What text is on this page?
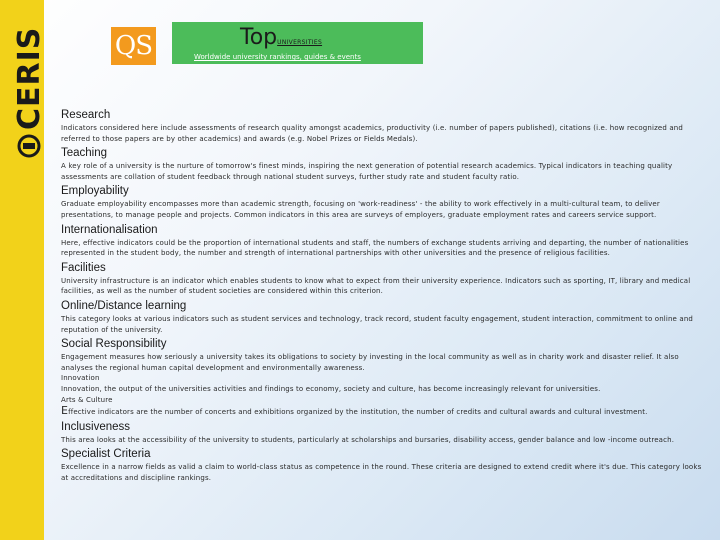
CERIS	QS	TopUNIVERSITIES
Worldwide university rankings, guides & events
Research
Indicators considered here include assessments of research quality amongst academics, productivity (i.e. number of papers published), citations (i.e. how recognized and referred to those papers are by other academics) and awards (e.g. Nobel Prizes or Fields Medals).
Teaching
A key role of a university is the nurture of tomorrow's finest minds, inspiring the next generation of potential research academics. Typical indicators in teaching quality assessments are collation of student feedback through national student surveys, further study rate and student faculty ratio.
Employability
Graduate employability encompasses more than academic strength, focusing on 'work-readiness' - the ability to work effectively in a multi-cultural team, to deliver presentations, to manage people and projects. Common indicators in this area are surveys of employers, graduate employment rates and careers service support.
Internationalisation
Here, effective indicators could be the proportion of international students and staff, the numbers of exchange students arriving and departing, the number of nationalities represented in the student body, the number and strength of international partnerships with other universities and the presence of religious facilities.
Facilities
University infrastructure is an indicator which enables students to know what to expect from their university experience. Indicators such as sporting, IT, library and medical facilities, as well as the number of student societies are considered within this criterion.
Online/Distance learning
This category looks at various indicators such as student services and technology, track record, student faculty engagement, student interaction, commitment to online and reputation of the university.
Social Responsibility
Engagement measures how seriously a university takes its obligations to society by investing in the local community as well as in charity work and disaster relief. It also analyses the regional human capital development and environmentally awareness.
Innovation
Innovation, the output of the universities activities and findings to economy, society and culture, has become increasingly relevant for universities.
Arts & Culture
Effective indicators are the number of concerts and exhibitions organized by the institution, the number of credits and cultural awards and cultural investment.
Inclusiveness
This area looks at the accessibility of the university to students, particularly at scholarships and bursaries, disability access, gender balance and low -income outreach.
Specialist Criteria
Excellence in a narrow fields as valid a claim to world-class status as competence in the round. These criteria are designed to extend credit where it's due. This category looks at accreditations and discipline rankings.
